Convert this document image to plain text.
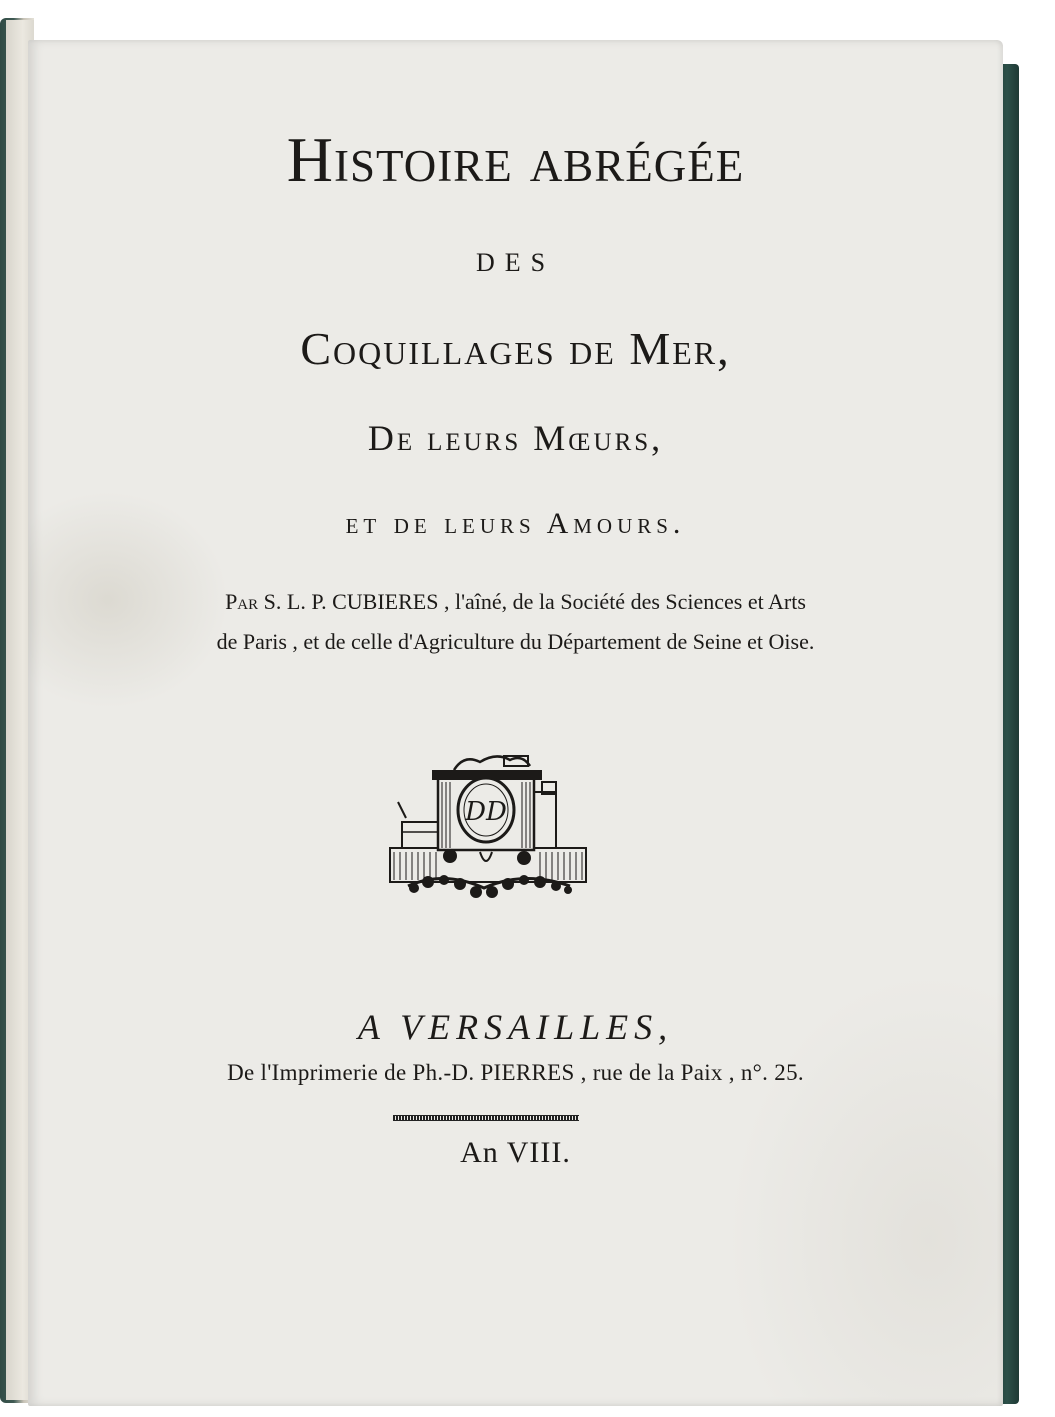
Histoire abrégée
DES
Coquillages de Mer,
De leurs Mœurs,
et de leurs Amours.
Par S. L. P. CUBIERES , l'aîné, de la Société des Sciences et Arts
de Paris , et de celle d'Agriculture du Département de Seine et Oise.
DD
A VERSAILLES,
De l'Imprimerie de Ph.-D. PIERRES , rue de la Paix , n°. 25.
An VIII.
